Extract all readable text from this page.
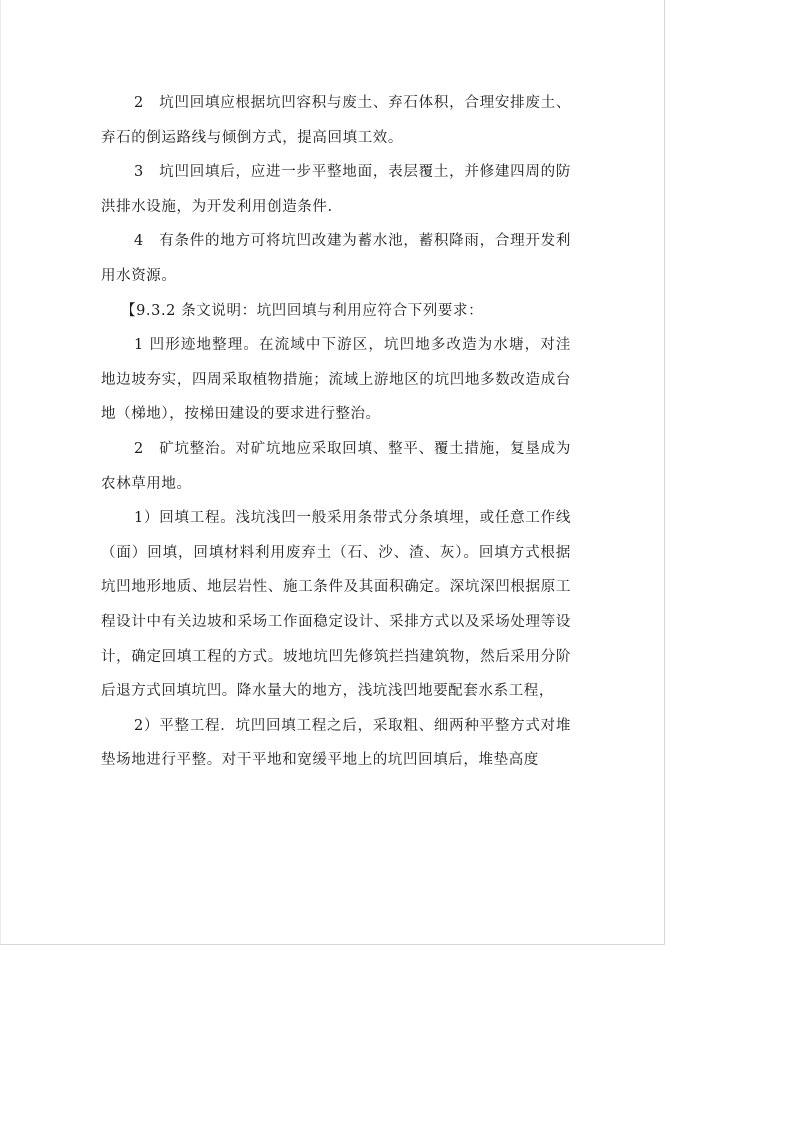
2　坑凹回填应根据坑凹容积与废土、弃石体积，合理安排废土、弃石的倒运路线与倾倒方式，提高回填工效。

3　坑凹回填后，应进一步平整地面，表层覆土，并修建四周的防洪排水设施，为开发利用创造条件.

4　有条件的地方可将坑凹改建为蓄水池，蓄积降雨，合理开发利用水资源。

【9.3.2 条文说明：坑凹回填与利用应符合下列要求：

1 凹形迹地整理。在流域中下游区，坑凹地多改造为水塘，对洼地边坡夯实，四周采取植物措施；流域上游地区的坑凹地多数改造成台地（梯地），按梯田建设的要求进行整治。

2　矿坑整治。对矿坑地应采取回填、整平、覆土措施，复垦成为农林草用地。

1）回填工程。浅坑浅凹一般采用条带式分条填埋，或任意工作线（面）回填，回填材料利用废弃土（石、沙、渣、灰）。回填方式根据坑凹地形地质、地层岩性、施工条件及其面积确定。深坑深凹根据原工程设计中有关边坡和采场工作面稳定设计、采排方式以及采场处理等设计，确定回填工程的方式。坡地坑凹先修筑拦挡建筑物，然后采用分阶后退方式回填坑凹。降水量大的地方，浅坑浅凹地要配套水系工程，

2）平整工程．坑凹回填工程之后，采取粗、细两种平整方式对堆垫场地进行平整。对干平地和宽缓平地上的坑凹回填后，堆垫高度
